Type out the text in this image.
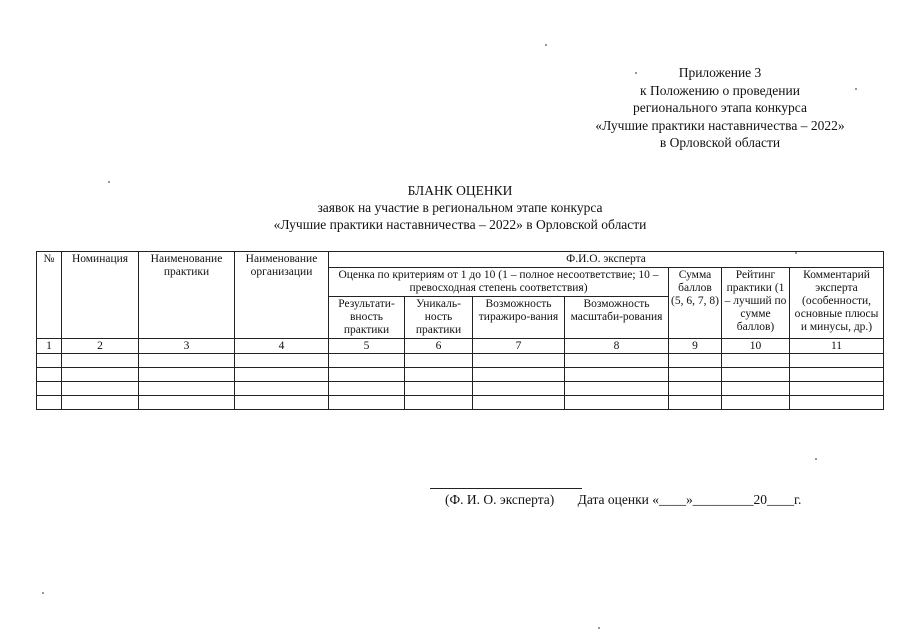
Приложение 3
к Положению о проведении
регионального этапа конкурса
«Лучшие практики наставничества – 2022»
в Орловской области
БЛАНК ОЦЕНКИ
заявок на участие в региональном этапе конкурса
«Лучшие практики наставничества – 2022» в Орловской области
№	Номинация	Наименование практики	Наименование организации	Ф.И.О. эксперта						
				Оценка по критериям от 1 до 10 (1 – полное несоответствие; 10 – превосходная степень соответствия)				Сумма баллов (5, 6, 7, 8)	Рейтинг практики (1 – лучший по сумме баллов)	Комментарий эксперта (особенности, основные плюсы и минусы, др.)
				Результати-вность практики	Уникаль-ность практики	Возможность тиражиро-вания	Возможность масштаби-рования			
1	2	3	4	5	6	7	8	9	10	11

(Ф. И. О. эксперта) Дата оценки «____»_________20____г.
